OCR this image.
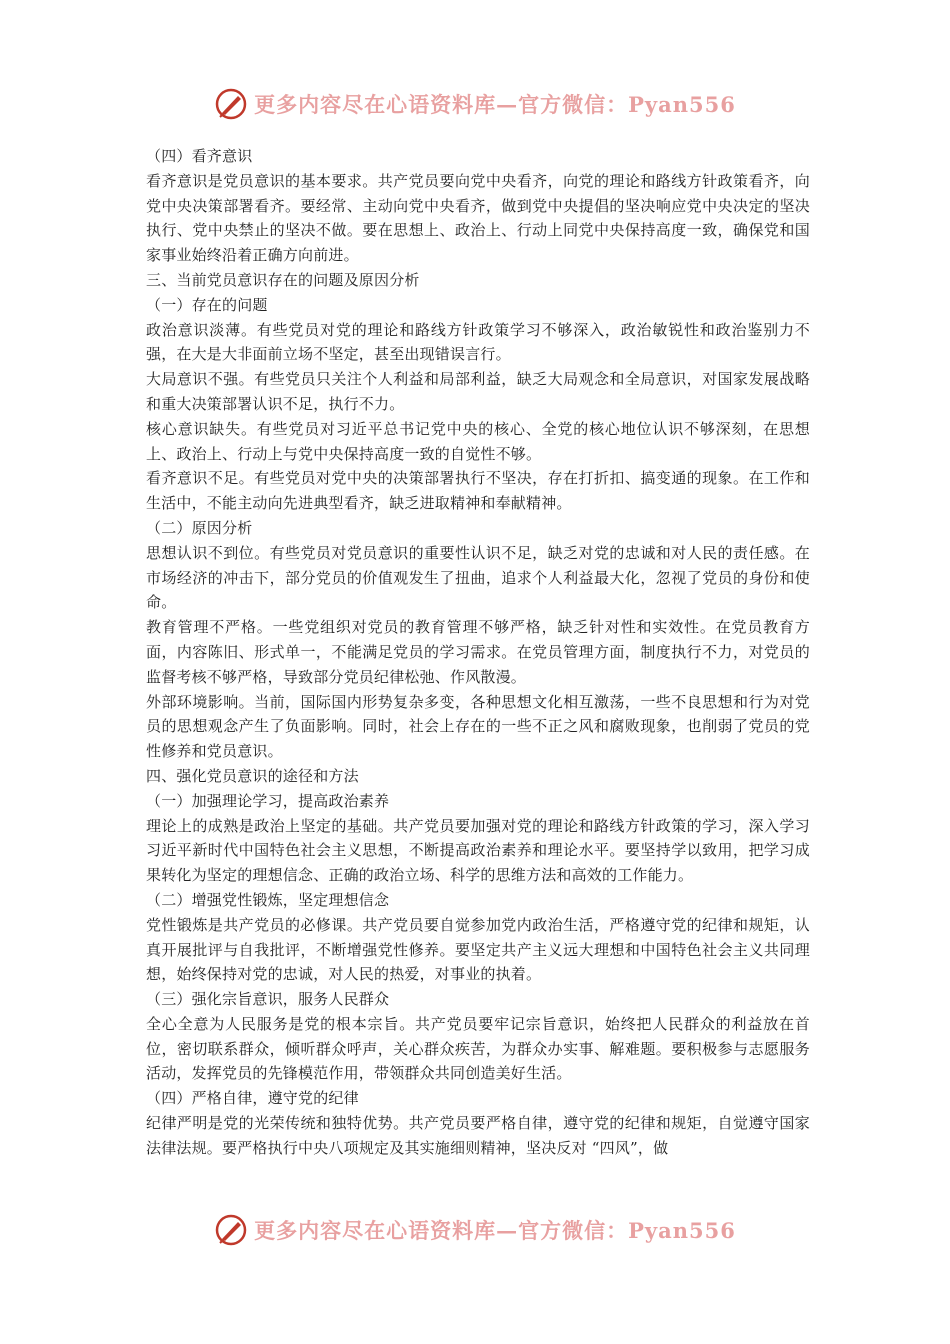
更多内容尽在心语资料库—官方微信：Pyan556

（四）看齐意识

看齐意识是党员意识的基本要求。共产党员要向党中央看齐，向党的理论和路线方针政策看齐，向党中央决策部署看齐。要经常、主动向党中央看齐，做到党中央提倡的坚决响应党中央决定的坚决执行、党中央禁止的坚决不做。要在思想上、政治上、行动上同党中央保持高度一致，确保党和国家事业始终沿着正确方向前进。

三、当前党员意识存在的问题及原因分析

（一）存在的问题

政治意识淡薄。有些党员对党的理论和路线方针政策学习不够深入，政治敏锐性和政治鉴别力不强，在大是大非面前立场不坚定，甚至出现错误言行。

大局意识不强。有些党员只关注个人利益和局部利益，缺乏大局观念和全局意识，对国家发展战略和重大决策部署认识不足，执行不力。

核心意识缺失。有些党员对习近平总书记党中央的核心、全党的核心地位认识不够深刻，在思想上、政治上、行动上与党中央保持高度一致的自觉性不够。

看齐意识不足。有些党员对党中央的决策部署执行不坚决，存在打折扣、搞变通的现象。在工作和生活中，不能主动向先进典型看齐，缺乏进取精神和奉献精神。

（二）原因分析

思想认识不到位。有些党员对党员意识的重要性认识不足，缺乏对党的忠诚和对人民的责任感。在市场经济的冲击下，部分党员的价值观发生了扭曲，追求个人利益最大化，忽视了党员的身份和使命。

教育管理不严格。一些党组织对党员的教育管理不够严格，缺乏针对性和实效性。在党员教育方面，内容陈旧、形式单一，不能满足党员的学习需求。在党员管理方面，制度执行不力，对党员的监督考核不够严格，导致部分党员纪律松弛、作风散漫。

外部环境影响。当前，国际国内形势复杂多变，各种思想文化相互激荡，一些不良思想和行为对党员的思想观念产生了负面影响。同时，社会上存在的一些不正之风和腐败现象，也削弱了党员的党性修养和党员意识。

四、强化党员意识的途径和方法

（一）加强理论学习，提高政治素养

理论上的成熟是政治上坚定的基础。共产党员要加强对党的理论和路线方针政策的学习，深入学习习近平新时代中国特色社会主义思想，不断提高政治素养和理论水平。要坚持学以致用，把学习成果转化为坚定的理想信念、正确的政治立场、科学的思维方法和高效的工作能力。

（二）增强党性锻炼，坚定理想信念

党性锻炼是共产党员的必修课。共产党员要自觉参加党内政治生活，严格遵守党的纪律和规矩，认真开展批评与自我批评，不断增强党性修养。要坚定共产主义远大理想和中国特色社会主义共同理想，始终保持对党的忠诚，对人民的热爱，对事业的执着。

（三）强化宗旨意识，服务人民群众

全心全意为人民服务是党的根本宗旨。共产党员要牢记宗旨意识，始终把人民群众的利益放在首位，密切联系群众，倾听群众呼声，关心群众疾苦，为群众办实事、解难题。要积极参与志愿服务活动，发挥党员的先锋模范作用，带领群众共同创造美好生活。

（四）严格自律，遵守党的纪律

纪律严明是党的光荣传统和独特优势。共产党员要严格自律，遵守党的纪律和规矩，自觉遵守国家法律法规。要严格执行中央八项规定及其实施细则精神，坚决反对 “四风”，做

更多内容尽在心语资料库—官方微信：Pyan556
